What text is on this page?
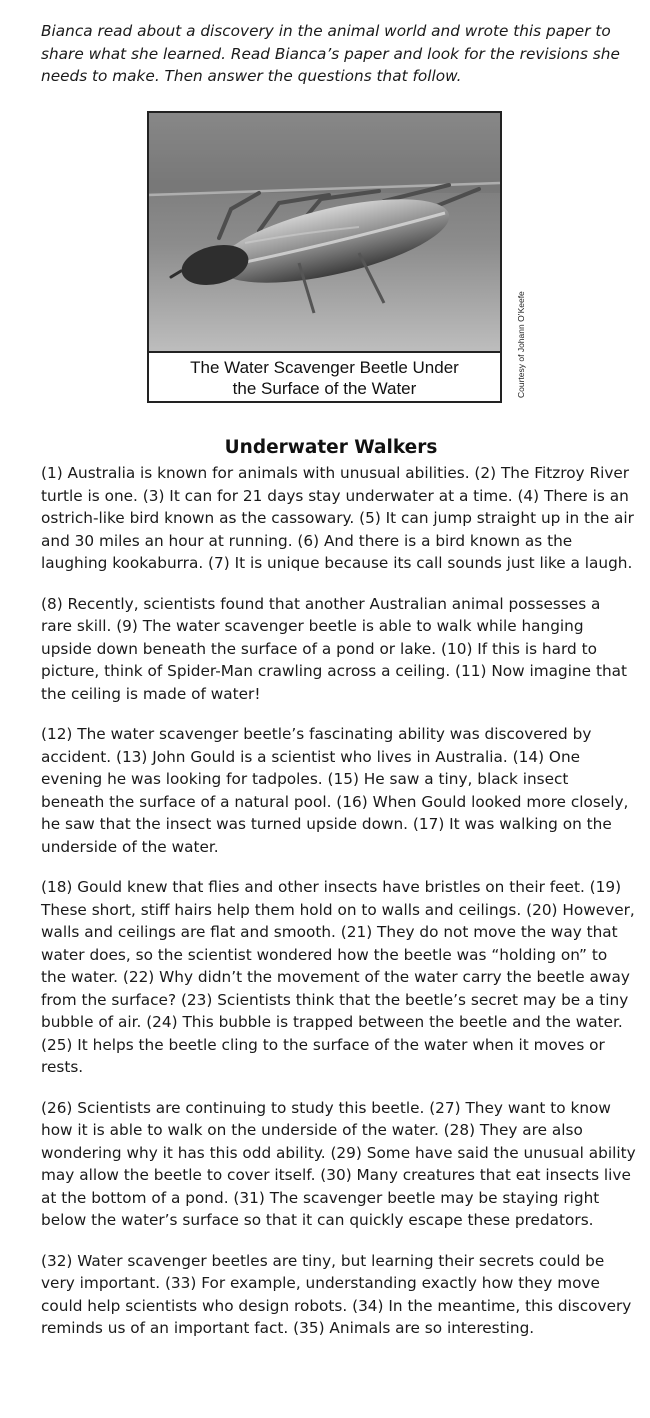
Bianca read about a discovery in the animal world and wrote this paper to share what she learned. Read Bianca’s paper and look for the revisions she needs to make. Then answer the questions that follow.
The Water Scavenger Beetle Under
the Surface of the Water	Courtesy of Johann O’Keefe
Underwater Walkers

(1) Australia is known for animals with unusual abilities. (2) The Fitzroy River turtle is one. (3) It can for 21 days stay underwater at a time. (4) There is an ostrich-like bird known as the cassowary. (5) It can jump straight up in the air and 30 miles an hour at running. (6) And there is a bird known as the laughing kookaburra. (7) It is unique because its call sounds just like a laugh.

(8) Recently, scientists found that another Australian animal possesses a rare skill. (9) The water scavenger beetle is able to walk while hanging upside down beneath the surface of a pond or lake. (10) If this is hard to picture, think of Spider-Man crawling across a ceiling. (11) Now imagine that the ceiling is made of water!

(12) The water scavenger beetle’s fascinating ability was discovered by accident. (13) John Gould is a scientist who lives in Australia. (14) One evening he was looking for tadpoles. (15) He saw a tiny, black insect beneath the surface of a natural pool. (16) When Gould looked more closely, he saw that the insect was turned upside down. (17) It was walking on the underside of the water.

(18) Gould knew that flies and other insects have bristles on their feet. (19) These short, stiff hairs help them hold on to walls and ceilings. (20) However, walls and ceilings are flat and smooth. (21) They do not move the way that water does, so the scientist wondered how the beetle was “holding on” to the water. (22) Why didn’t the movement of the water carry the beetle away from the surface? (23) Scientists think that the beetle’s secret may be a tiny bubble of air. (24) This bubble is trapped between the beetle and the water. (25) It helps the beetle cling to the surface of the water when it moves or rests.

(26) Scientists are continuing to study this beetle. (27) They want to know how it is able to walk on the underside of the water. (28) They are also wondering why it has this odd ability. (29) Some have said the unusual ability may allow the beetle to cover itself. (30) Many creatures that eat insects live at the bottom of a pond. (31) The scavenger beetle may be staying right below the water’s surface so that it can quickly escape these predators.

(32) Water scavenger beetles are tiny, but learning their secrets could be very important. (33) For example, understanding exactly how they move could help scientists who design robots. (34) In the meantime, this discovery reminds us of an important fact. (35) Animals are so interesting.
